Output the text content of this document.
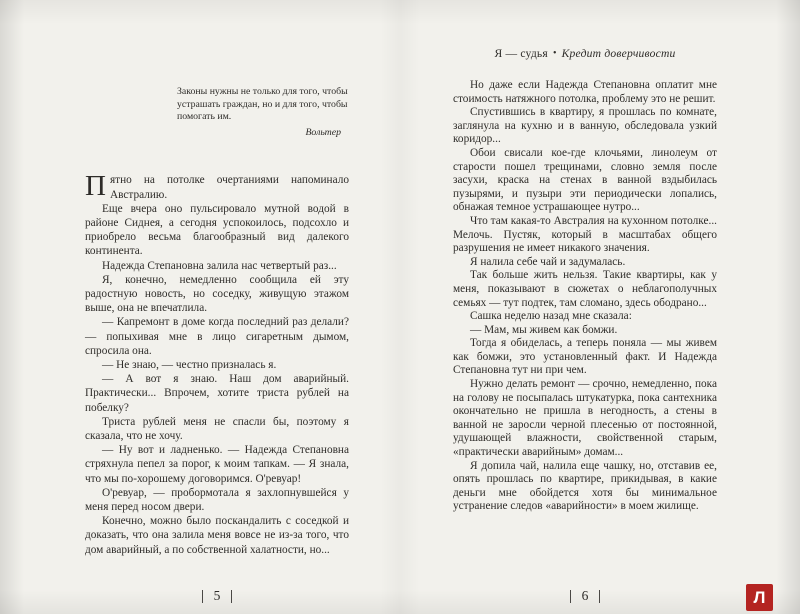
Законы нужны не только для того, чтобы устрашать граждан, но и для того, чтобы помогать им.

Вольтер

Пятно на потолке очертаниями напоминало Австралию.

Еще вчера оно пульсировало мутной водой в районе Сиднея, а сегодня успокоилось, подсохло и приобрело весьма благообразный вид далекого континента.

Надежда Степановна залила нас четвертый раз...

Я, конечно, немедленно сообщила ей эту радостную новость, но соседку, живущую этажом выше, она не впечатлила.

— Капремонт в доме когда последний раз делали? — попыхивая мне в лицо сигаретным дымом, спросила она.

— Не знаю, — честно призналась я.

— А вот я знаю. Наш дом аварийный. Практически... Впрочем, хотите триста рублей на побелку?

Триста рублей меня не спасли бы, поэтому я сказала, что не хочу.

— Ну вот и ладненько. — Надежда Степановна стряхнула пепел за порог, к моим тапкам. — Я знала, что мы по-хорошему договоримся. О'ревуар!

О'ревуар, — пробормотала я захлопнувшейся у меня перед носом двери.

Конечно, можно было поскандалить с соседкой и доказать, что она залила меня вовсе не из-за того, что дом аварийный, а по собственной халатности, но...

5
Я — судья • Кредит доверчивости

Но даже если Надежда Степановна оплатит мне стоимость натяжного потолка, проблему это не решит.

Спустившись в квартиру, я прошлась по комнате, заглянула на кухню и в ванную, обследовала узкий коридор...

Обои свисали кое-где клочьями, линолеум от старости пошел трещинами, словно земля после засухи, краска на стенах в ванной вздыбилась пузырями, и пузыри эти периодически лопались, обнажая темное устрашающее нутро...

Что там какая-то Австралия на кухонном потолке... Мелочь. Пустяк, который в масштабах общего разрушения не имеет никакого значения.

Я налила себе чай и задумалась.

Так больше жить нельзя. Такие квартиры, как у меня, показывают в сюжетах о неблагополучных семьях — тут подтек, там сломано, здесь ободрано...

Сашка неделю назад мне сказала:

— Мам, мы живем как бомжи.

Тогда я обиделась, а теперь поняла — мы живем как бомжи, это установленный факт. И Надежда Степановна тут ни при чем.

Нужно делать ремонт — срочно, немедленно, пока на голову не посыпалась штукатурка, пока сантехника окончательно не пришла в негодность, а стены в ванной не заросли черной плесенью от постоянной, удушающей влажности, свойственной старым, «практически аварийным» домам...

Я допила чай, налила еще чашку, но, отставив ее, опять прошлась по квартире, прикидывая, в какие деньги мне обойдется хотя бы минимальное устранение следов «аварийности» в моем жилище.

6	Л
